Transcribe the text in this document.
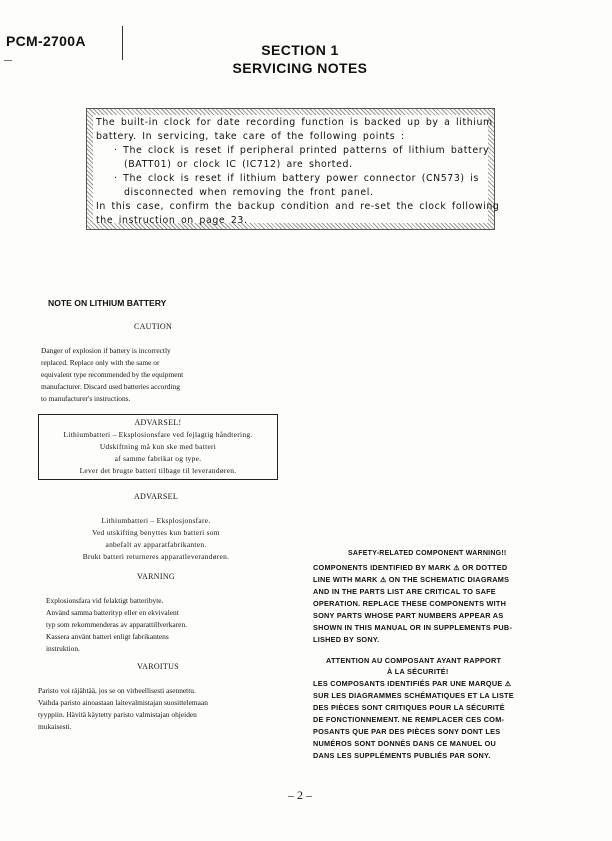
PCM-2700A
SECTION 1
SERVICING NOTES
The built-in clock for date recording function is backed up by a lithium
battery. In servicing, take care of the following points :
· The clock is reset if peripheral printed patterns of lithium battery
(BATT01) or clock IC (IC712) are shorted.
· The clock is reset if lithium battery power connector (CN573) is
disconnected when removing the front panel.
In this case, confirm the backup condition and re-set the clock following
the instruction on page 23.
NOTE ON LITHIUM BATTERY
CAUTION
Danger of explosion if battery is incorrectly
replaced. Replace only with the same or
equivalent type recommended by the equipment
manufacturer. Discard used batteries according
to manufacturer's instructions.
ADVARSEL!
Lithiumbatteri – Eksplosionsfare ved fejlagtig håndtering.
Udskiftning må kun ske med batteri
af samme fabrikat og type.
Lever det brugte batteri tilbage til leverandøren.
ADVARSEL
Lithiumbatteri – Eksplosjonsfare.
Ved utskifting benyttes kun batteri som
anbefalt av apparatfabrikanten.
Brukt batteri returneres apparatleverandøren.
VARNING
Explosionsfara vid felaktigt batteribyte.
Använd samma batterityp eller en ekvivalent
typ som rekommenderas av apparattillverkaren.
Kassera använt batteri enligt fabrikantens
instruktion.
VAROITUS
Paristo voi räjähtää, jos se on virheellisesti asennettu.
Vaihda paristo ainoastaan laitevalmistajan suosittelemaan
tyyppiin. Hävitä käytetty paristo valmistajan ohjeiden
mukaisesti.
SAFETY-RELATED COMPONENT WARNING!!
COMPONENTS IDENTIFIED BY MARK ⚠ OR DOTTED
LINE WITH MARK ⚠ ON THE SCHEMATIC DIAGRAMS
AND IN THE PARTS LIST ARE CRITICAL TO SAFE
OPERATION. REPLACE THESE COMPONENTS WITH
SONY PARTS WHOSE PART NUMBERS APPEAR AS
SHOWN IN THIS MANUAL OR IN SUPPLEMENTS PUB-
LISHED BY SONY.
ATTENTION AU COMPOSANT AYANT RAPPORT
À LA SÉCURITÉ!
LES COMPOSANTS IDENTIFIÉS PAR UNE MARQUE ⚠
SUR LES DIAGRAMMES SCHÉMATIQUES ET LA LISTE
DES PIÈCES SONT CRITIQUES POUR LA SÉCURITÉ
DE FONCTIONNEMENT. NE REMPLACER CES COM-
POSANTS QUE PAR DES PIÈCES SONY DONT LES
NUMÉROS SONT DONNÉS DANS CE MANUEL OU
DANS LES SUPPLÉMENTS PUBLIÉS PAR SONY.
– 2 –
